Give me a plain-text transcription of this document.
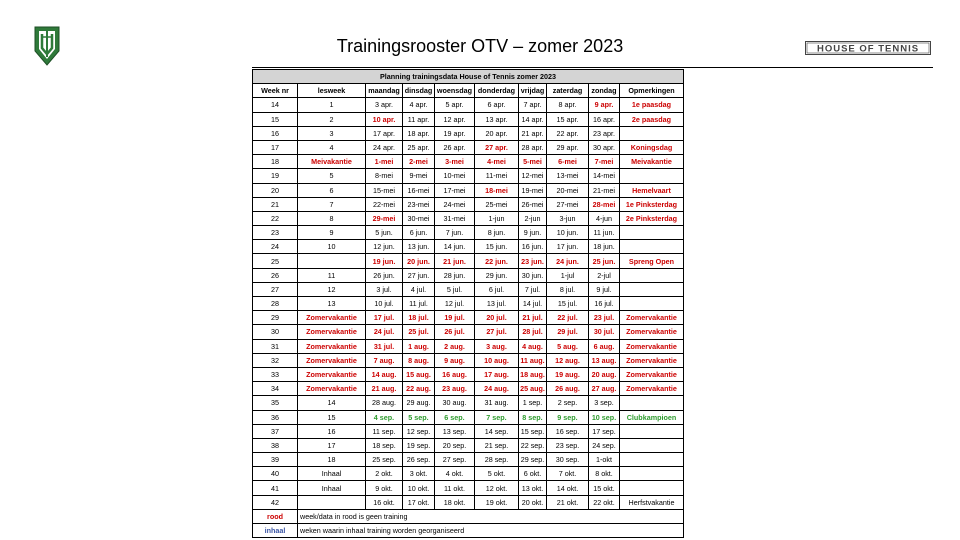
Trainingsrooster OTV – zomer 2023	HOUSE OF TENNIS
Planning trainingsdata House of Tennis zomer 2023									
Week nr	lesweek	maandag	dinsdag	woensdag	donderdag	vrijdag	zaterdag	zondag	Opmerkingen
14	1	3 apr.	4 apr.	5 apr.	6 apr.	7 apr.	8 apr.	9 apr.	1e paasdag
15	2	10 apr.	11 apr.	12 apr.	13 apr.	14 apr.	15 apr.	16 apr.	2e paasdag
16	3	17 apr.	18 apr.	19 apr.	20 apr.	21 apr.	22 apr.	23 apr.	
17	4	24 apr.	25 apr.	26 apr.	27 apr.	28 apr.	29 apr.	30 apr.	Koningsdag
18	Meivakantie	1-mei	2-mei	3-mei	4-mei	5-mei	6-mei	7-mei	Meivakantie
19	5	8-mei	9-mei	10-mei	11-mei	12-mei	13-mei	14-mei	
20	6	15-mei	16-mei	17-mei	18-mei	19-mei	20-mei	21-mei	Hemelvaart
21	7	22-mei	23-mei	24-mei	25-mei	26-mei	27-mei	28-mei	1e Pinksterdag
22	8	29-mei	30-mei	31-mei	1-jun	2-jun	3-jun	4-jun	2e Pinksterdag
23	9	5 jun.	6 jun.	7 jun.	8 jun.	9 jun.	10 jun.	11 jun.	
24	10	12 jun.	13 jun.	14 jun.	15 jun.	16 jun.	17 jun.	18 jun.	
25		19 jun.	20 jun.	21 jun.	22 jun.	23 jun.	24 jun.	25 jun.	Spreng Open
26	11	26 jun.	27 jun.	28 jun.	29 jun.	30 jun.	1-jul	2-jul	
27	12	3 jul.	4 jul.	5 jul.	6 jul.	7 jul.	8 jul.	9 jul.	
28	13	10 jul.	11 jul.	12 jul.	13 jul.	14 jul.	15 jul.	16 jul.	
29	Zomervakantie	17 jul.	18 jul.	19 jul.	20 jul.	21 jul.	22 jul.	23 jul.	Zomervakantie
30	Zomervakantie	24 jul.	25 jul.	26 jul.	27 jul.	28 jul.	29 jul.	30 jul.	Zomervakantie
31	Zomervakantie	31 jul.	1 aug.	2 aug.	3 aug.	4 aug.	5 aug.	6 aug.	Zomervakantie
32	Zomervakantie	7 aug.	8 aug.	9 aug.	10 aug.	11 aug.	12 aug.	13 aug.	Zomervakantie
33	Zomervakantie	14 aug.	15 aug.	16 aug.	17 aug.	18 aug.	19 aug.	20 aug.	Zomervakantie
34	Zomervakantie	21 aug.	22 aug.	23 aug.	24 aug.	25 aug.	26 aug.	27 aug.	Zomervakantie
35	14	28 aug.	29 aug.	30 aug.	31 aug.	1 sep.	2 sep.	3 sep.	
36	15	4 sep.	5 sep.	6 sep.	7 sep.	8 sep.	9 sep.	10 sep.	Clubkampioen
37	16	11 sep.	12 sep.	13 sep.	14 sep.	15 sep.	16 sep.	17 sep.	
38	17	18 sep.	19 sep.	20 sep.	21 sep.	22 sep.	23 sep.	24 sep.	
39	18	25 sep.	26 sep.	27 sep.	28 sep.	29 sep.	30 sep.	1-okt	
40	Inhaal	2 okt.	3 okt.	4 okt.	5 okt.	6 okt.	7 okt.	8 okt.	
41	Inhaal	9 okt.	10 okt.	11 okt.	12 okt.	13 okt.	14 okt.	15 okt.	
42		16 okt.	17 okt.	18 okt.	19 okt.	20 okt.	21 okt.	22 okt.	Herfstvakantie
rood	week/data in rood is geen training								
inhaal	weken waarin inhaal training worden georganiseerd								
